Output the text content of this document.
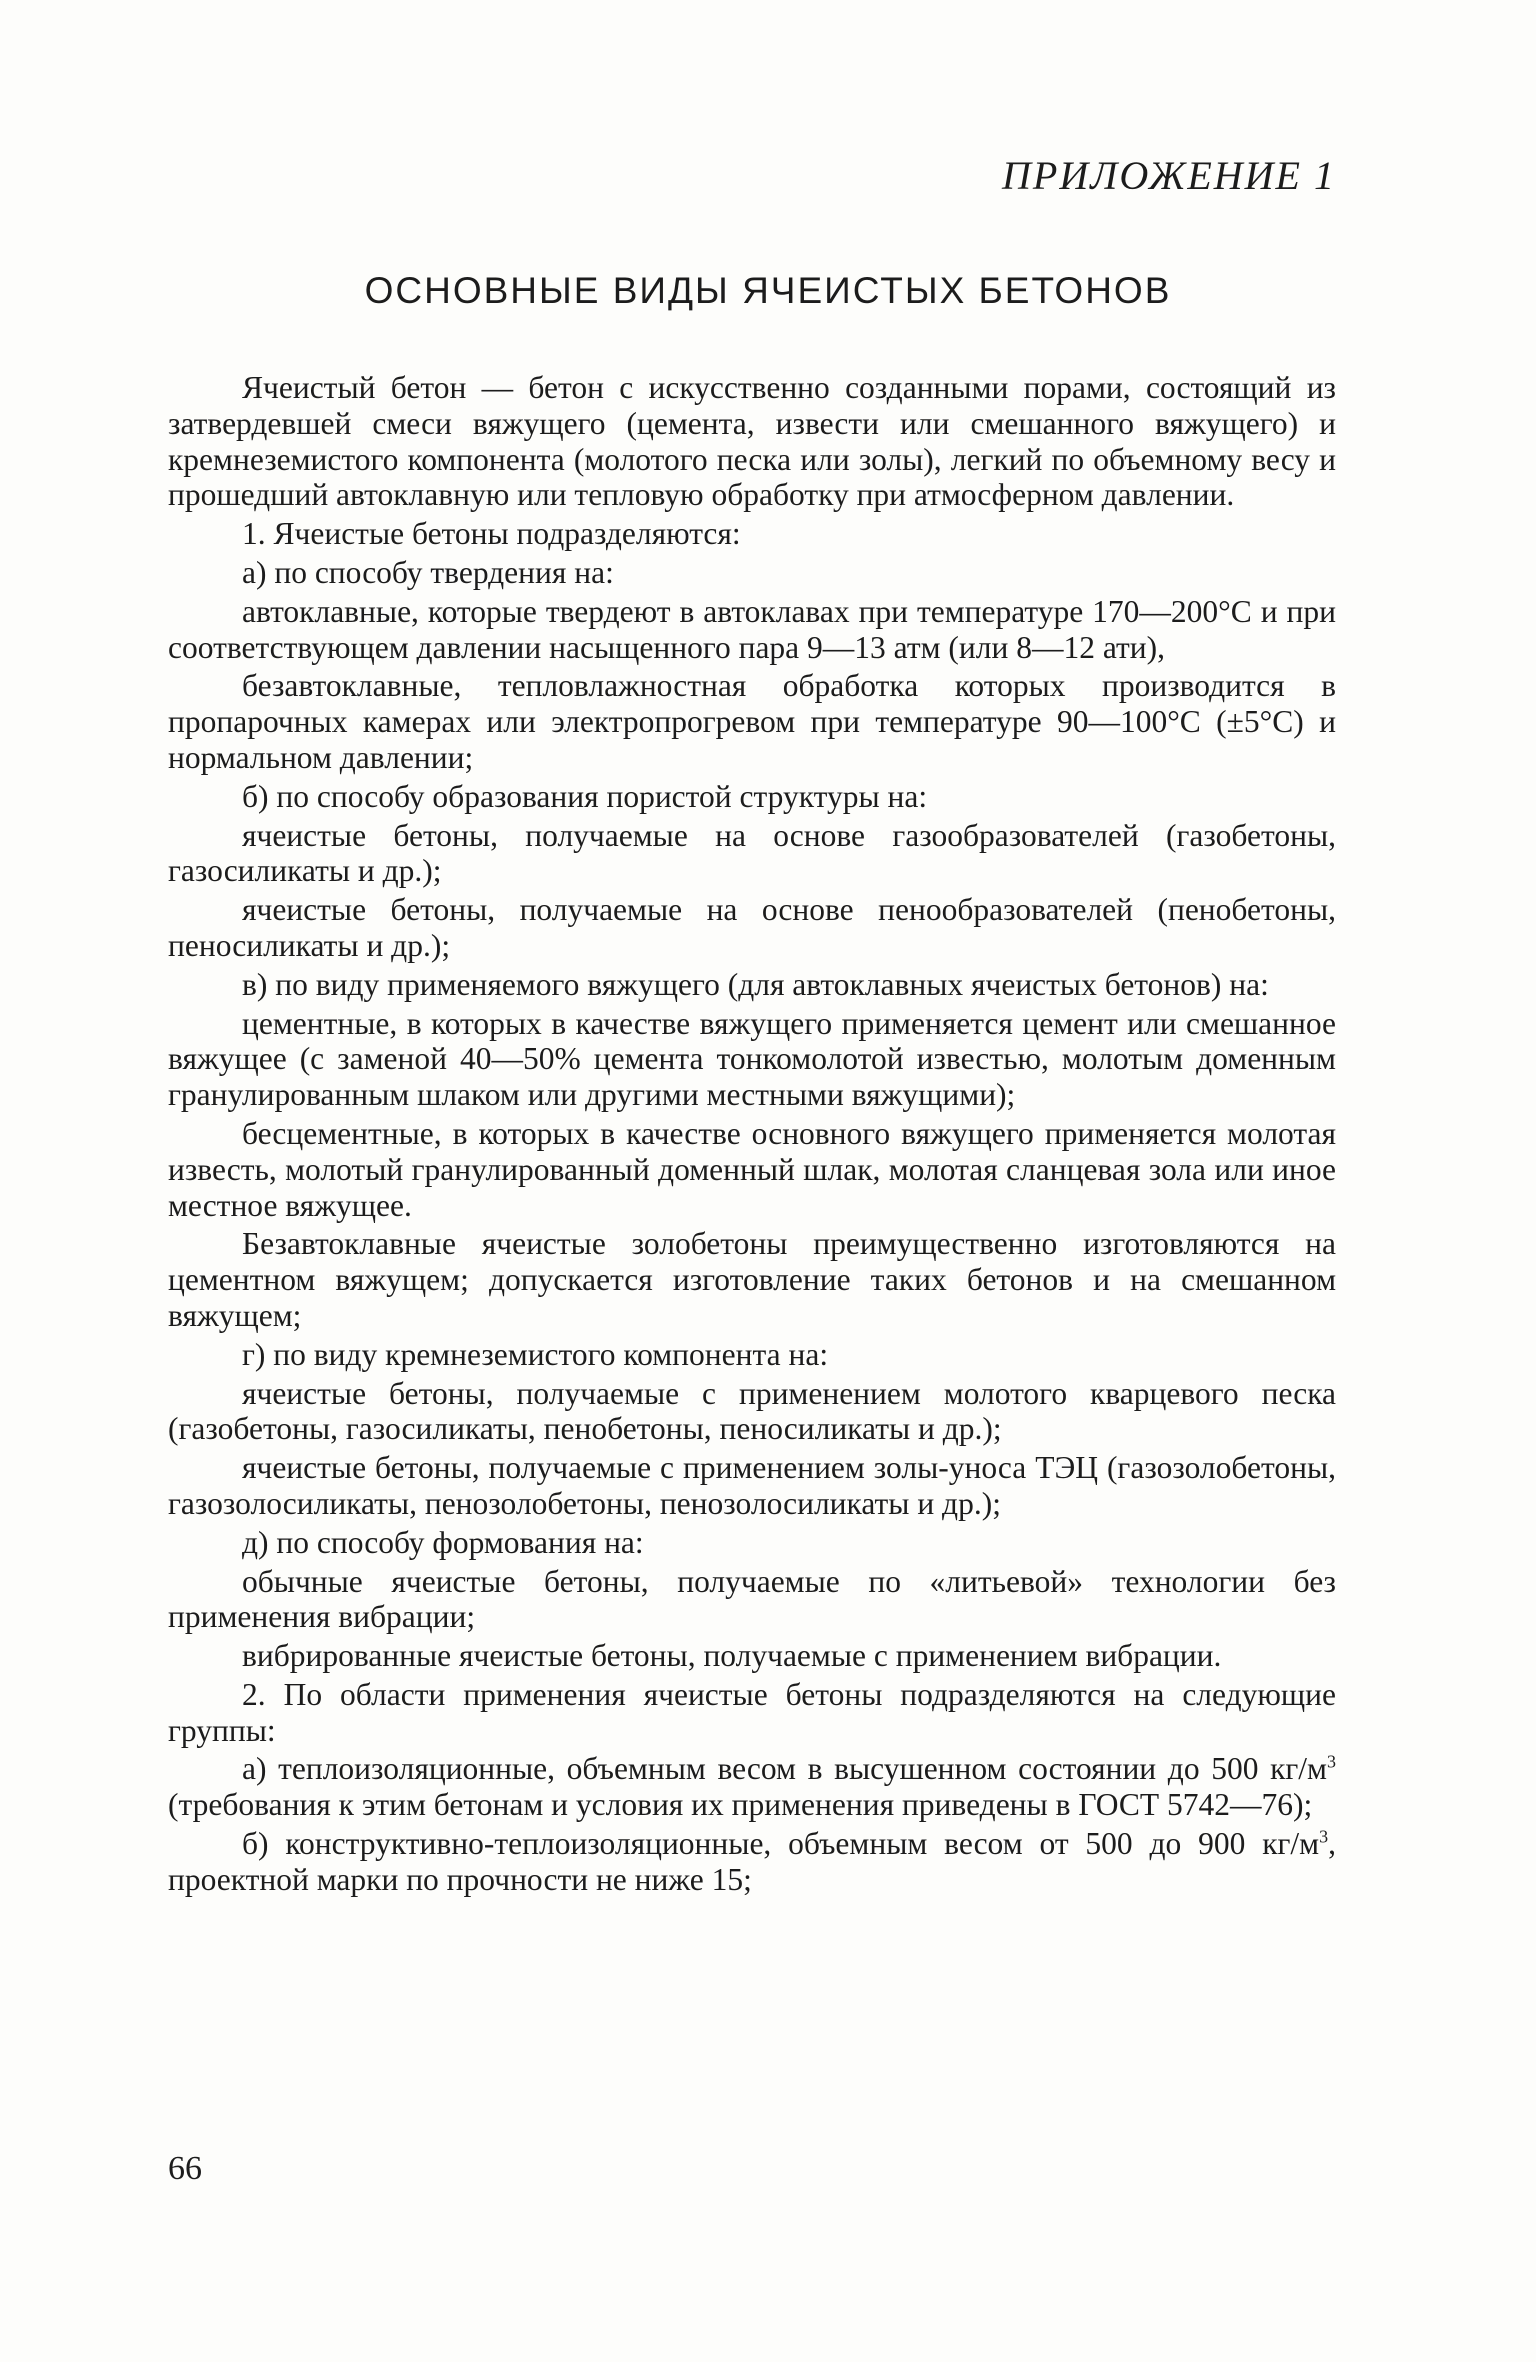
ПРИЛОЖЕНИЕ 1
ОСНОВНЫЕ ВИДЫ ЯЧЕИСТЫХ БЕТОНОВ

Ячеистый бетон — бетон с искусственно созданными порами, состоящий из затвердевшей смеси вяжущего (цемента, извести или смешанного вяжущего) и кремнеземистого компонента (молотого песка или золы), легкий по объемному весу и прошедший автоклавную или тепловую обработку при атмосферном давлении.

1. Ячеистые бетоны подразделяются:

а) по способу твердения на:

автоклавные, которые твердеют в автоклавах при температуре 170—200°С и при соответствующем давлении насыщенного пара 9—13 атм (или 8—12 ати),

безавтоклавные, тепловлажностная обработка которых производится в пропарочных камерах или электропрогревом при температуре 90—100°С (±5°С) и нормальном давлении;

б) по способу образования пористой структуры на:

ячеистые бетоны, получаемые на основе газообразователей (газобетоны, газосиликаты и др.);

ячеистые бетоны, получаемые на основе пенообразователей (пенобетоны, пеносиликаты и др.);

в) по виду применяемого вяжущего (для автоклавных ячеистых бетонов) на:

цементные, в которых в качестве вяжущего применяется цемент или смешанное вяжущее (с заменой 40—50% цемента тонкомолотой известью, молотым доменным гранулированным шлаком или другими местными вяжущими);

бесцементные, в которых в качестве основного вяжущего применяется молотая известь, молотый гранулированный доменный шлак, молотая сланцевая зола или иное местное вяжущее.

Безавтоклавные ячеистые золобетоны преимущественно изготовляются на цементном вяжущем; допускается изготовление таких бетонов и на смешанном вяжущем;

г) по виду кремнеземистого компонента на:

ячеистые бетоны, получаемые с применением молотого кварцевого песка (газобетоны, газосиликаты, пенобетоны, пеносиликаты и др.);

ячеистые бетоны, получаемые с применением золы-уноса ТЭЦ (газозолобетоны, газозолосиликаты, пенозолобетоны, пенозолосиликаты и др.);

д) по способу формования на:

обычные ячеистые бетоны, получаемые по «литьевой» технологии без применения вибрации;

вибрированные ячеистые бетоны, получаемые с применением вибрации.

2. По области применения ячеистые бетоны подразделяются на следующие группы:

а) теплоизоляционные, объемным весом в высушенном состоянии до 500 $кг/м^3$ (требования к этим бетонам и условия их применения приведены в ГОСТ 5742—76);

б) конструктивно-теплоизоляционные, объемным весом от 500 до 900 $кг/м^3$, проектной марки по прочности не ниже 15;

66
